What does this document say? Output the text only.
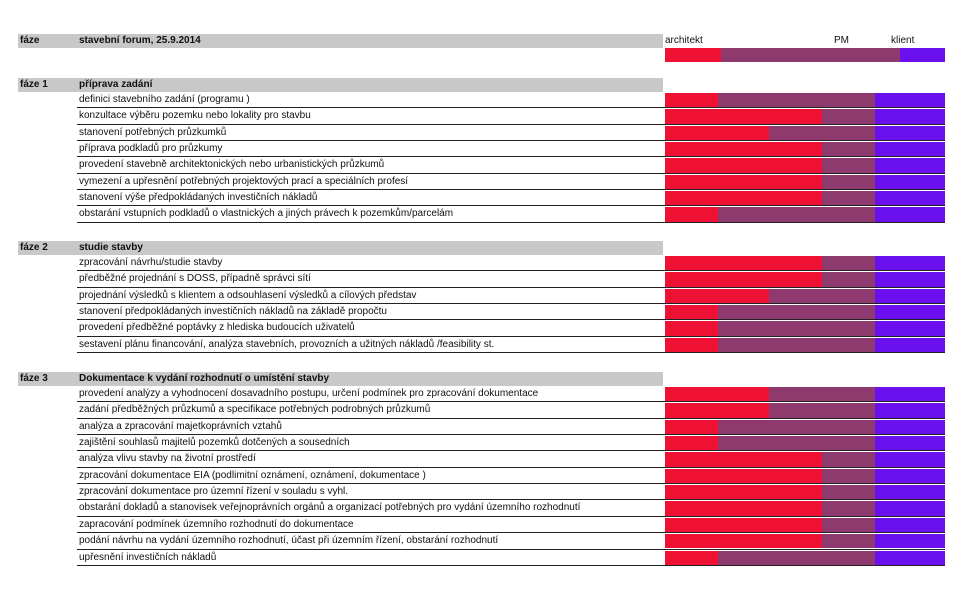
fáze	stavební forum, 25.9.2014	architekt	PM	klient
fáze 1	příprava zadání
definici stavebního zadání (programu )
konzultace výběru pozemku nebo lokality pro stavbu
stanovení potřebných průzkumků
příprava podkladů pro průzkumy
provedení stavebně architektonických nebo urbanistických průzkumů
vymezení a upřesnění potřebných projektových prací a speciálních profesí
stanovení výše předpokládaných investičních nákladů
obstarání vstupních podkladů o vlastnických a jiných právech k pozemkům/parcelám
fáze 2	studie stavby
zpracování návrhu/studie stavby
předběžné projednání s DOSS, případně správci sítí
projednání výsledků s klientem a odsouhlasení výsledků a cílových představ
stanovení předpokládaných investičních nákladů na základě propočtu
provedení předběžné poptávky z hlediska budoucích uživatelů
sestavení plánu financování, analýza stavebních, provozních a užitných nákladů /feasibility st.
fáze 3	Dokumentace k vydání rozhodnutí o umístění stavby
provedení analýzy a vyhodnocení dosavadního postupu, určení podmínek pro zpracování dokumentace
zadání předběžných průzkumů a specifikace potřebných podrobných průzkumů
analýza a zpracování majetkoprávních vztahů
zajištění souhlasů majitelů pozemků dotčených a sousedních
analýza vlivu stavby na životní prostředí
zpracování dokumentace EIA (podlimitní oznámení, oznámení, dokumentace )
zpracování dokumentace pro územní řízení v souladu s vyhl.
obstarání dokladů a stanovisek veřejnoprávních orgánů a organizací potřebných pro vydání územního rozhodnutí
zapracování podmínek územního rozhodnutí do dokumentace
podání návrhu na vydání územního rozhodnutí, účast při územním řízení, obstarání rozhodnutí
upřesnění investičních nákladů
